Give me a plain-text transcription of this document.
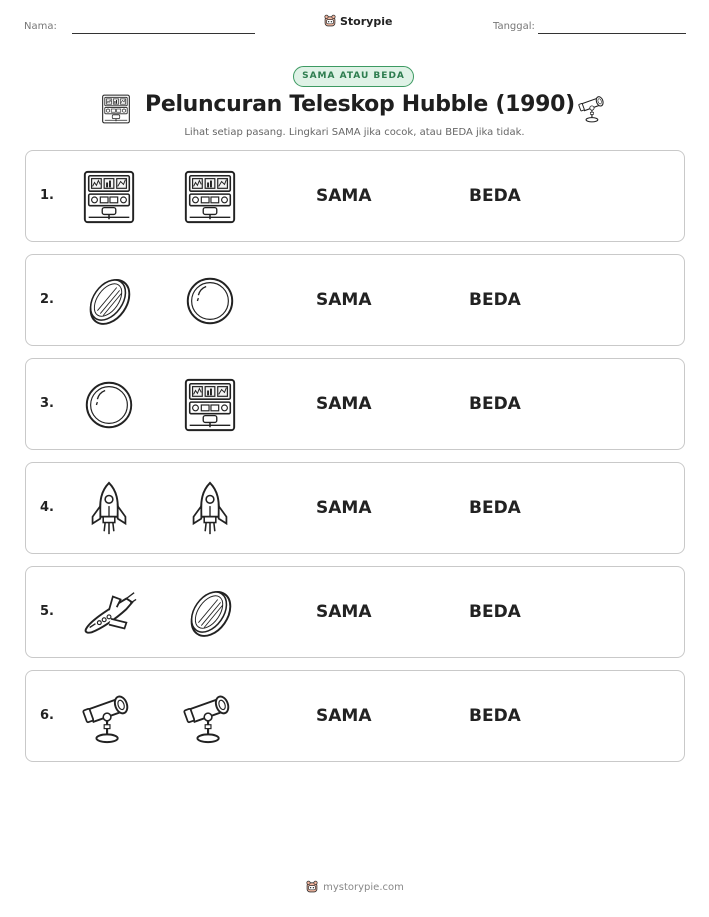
Nama:	Storypie	Tanggal:
SAMA ATAU BEDA
Peluncuran Teleskop Hubble (1990)
Lihat setiap pasang. Lingkari SAMA jika cocok, atau BEDA jika tidak.
1.	SAMA	BEDA
2.	SAMA	BEDA
3.	SAMA	BEDA
4.	SAMA	BEDA
5.	SAMA	BEDA
6.	SAMA	BEDA
mystorypie.com
